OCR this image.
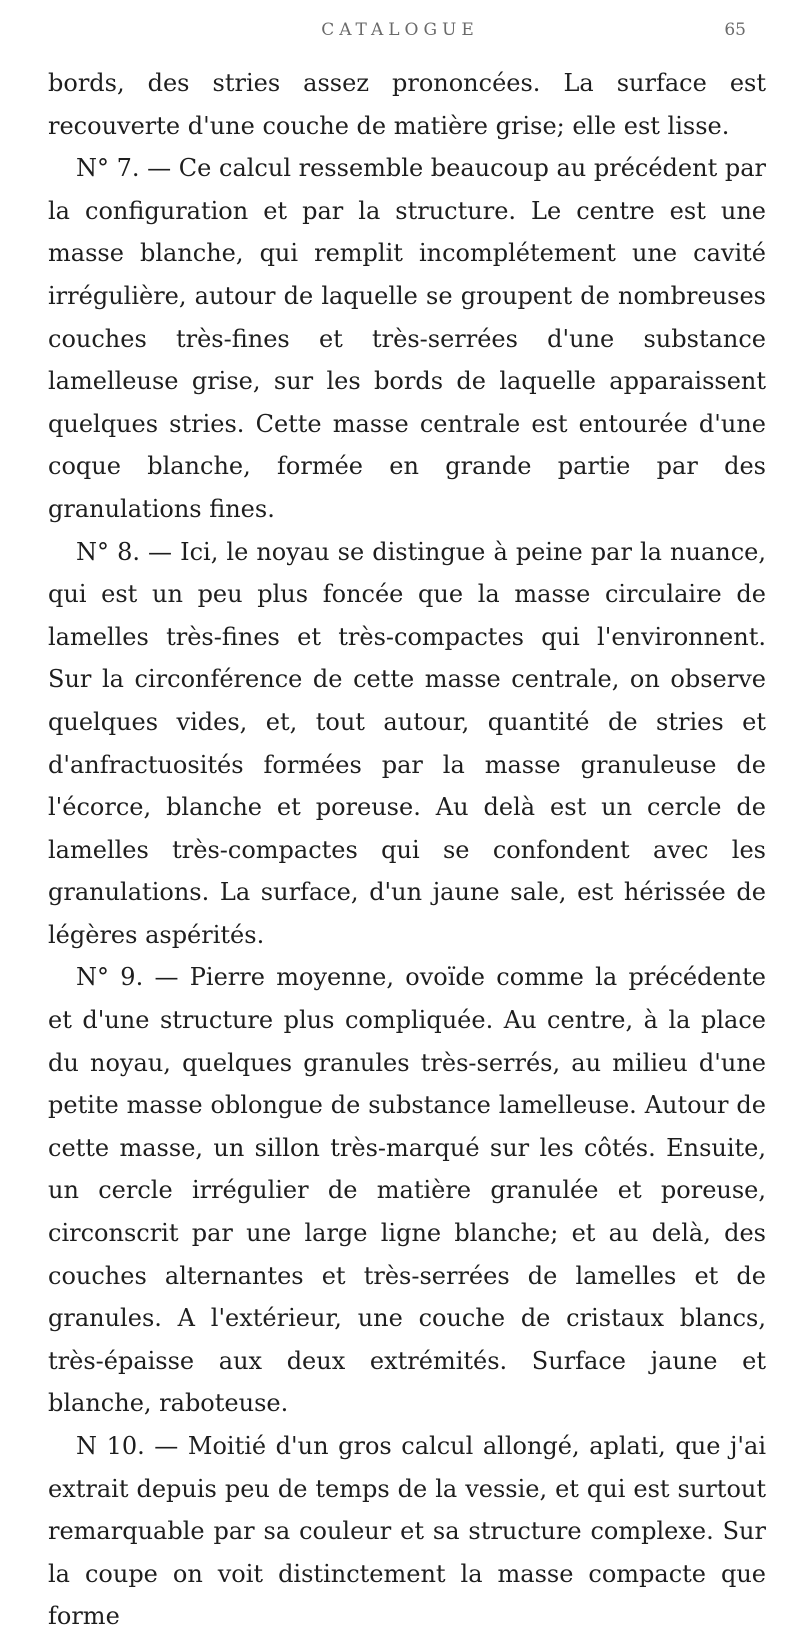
CATALOGUE	65

bords, des stries assez prononcées. La surface est recouverte d'une couche de matière grise; elle est lisse.

N° 7. — Ce calcul ressemble beaucoup au précédent par la configuration et par la structure. Le centre est une masse blanche, qui remplit incomplétement une cavité irrégulière, autour de laquelle se groupent de nombreuses couches très-fines et très-serrées d'une substance lamelleuse grise, sur les bords de laquelle apparaissent quelques stries. Cette masse centrale est entourée d'une coque blanche, formée en grande partie par des granulations fines.

N° 8. — Ici, le noyau se distingue à peine par la nuance, qui est un peu plus foncée que la masse circulaire de lamelles très-fines et très-compactes qui l'environnent. Sur la circonférence de cette masse centrale, on observe quelques vides, et, tout autour, quantité de stries et d'anfractuosités formées par la masse granuleuse de l'écorce, blanche et poreuse. Au delà est un cercle de lamelles très-compactes qui se confondent avec les granulations. La surface, d'un jaune sale, est hérissée de légères aspérités.

N° 9. — Pierre moyenne, ovoïde comme la précédente et d'une structure plus compliquée. Au centre, à la place du noyau, quelques granules très-serrés, au milieu d'une petite masse oblongue de substance lamelleuse. Autour de cette masse, un sillon très-marqué sur les côtés. Ensuite, un cercle irrégulier de matière granulée et poreuse, circonscrit par une large ligne blanche; et au delà, des couches alternantes et très-serrées de lamelles et de granules. A l'extérieur, une couche de cristaux blancs, très-épaisse aux deux extrémités. Surface jaune et blanche, raboteuse.

N 10. — Moitié d'un gros calcul allongé, aplati, que j'ai extrait depuis peu de temps de la vessie, et qui est surtout remarquable par sa couleur et sa structure complexe. Sur la coupe on voit distinctement la masse compacte que forme
